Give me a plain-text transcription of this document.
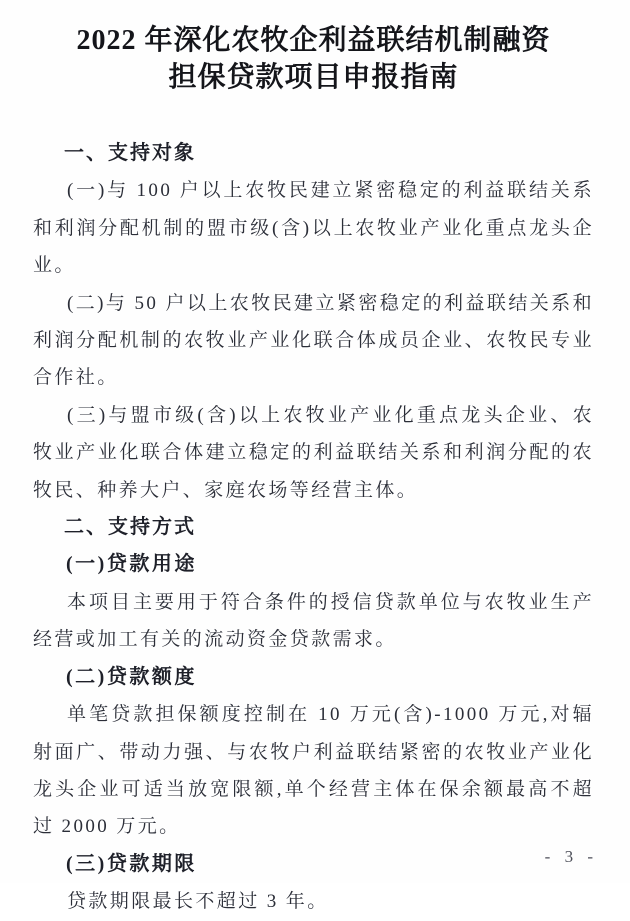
2022 年深化农牧企利益联结机制融资
担保贷款项目申报指南
一、支持对象

(一)与 100 户以上农牧民建立紧密稳定的利益联结关系和利润分配机制的盟市级(含)以上农牧业产业化重点龙头企业。

(二)与 50 户以上农牧民建立紧密稳定的利益联结关系和利润分配机制的农牧业产业化联合体成员企业、农牧民专业合作社。

(三)与盟市级(含)以上农牧业产业化重点龙头企业、农牧业产业化联合体建立稳定的利益联结关系和利润分配的农牧民、种养大户、家庭农场等经营主体。

二、支持方式
(一)贷款用途

本项目主要用于符合条件的授信贷款单位与农牧业生产经营或加工有关的流动资金贷款需求。

(二)贷款额度

单笔贷款担保额度控制在 10 万元(含)-1000 万元,对辐射面广、带动力强、与农牧户利益联结紧密的农牧业产业化龙头企业可适当放宽限额,单个经营主体在保余额最高不超过 2000 万元。

(三)贷款期限

贷款期限最长不超过 3 年。

- 3 -
